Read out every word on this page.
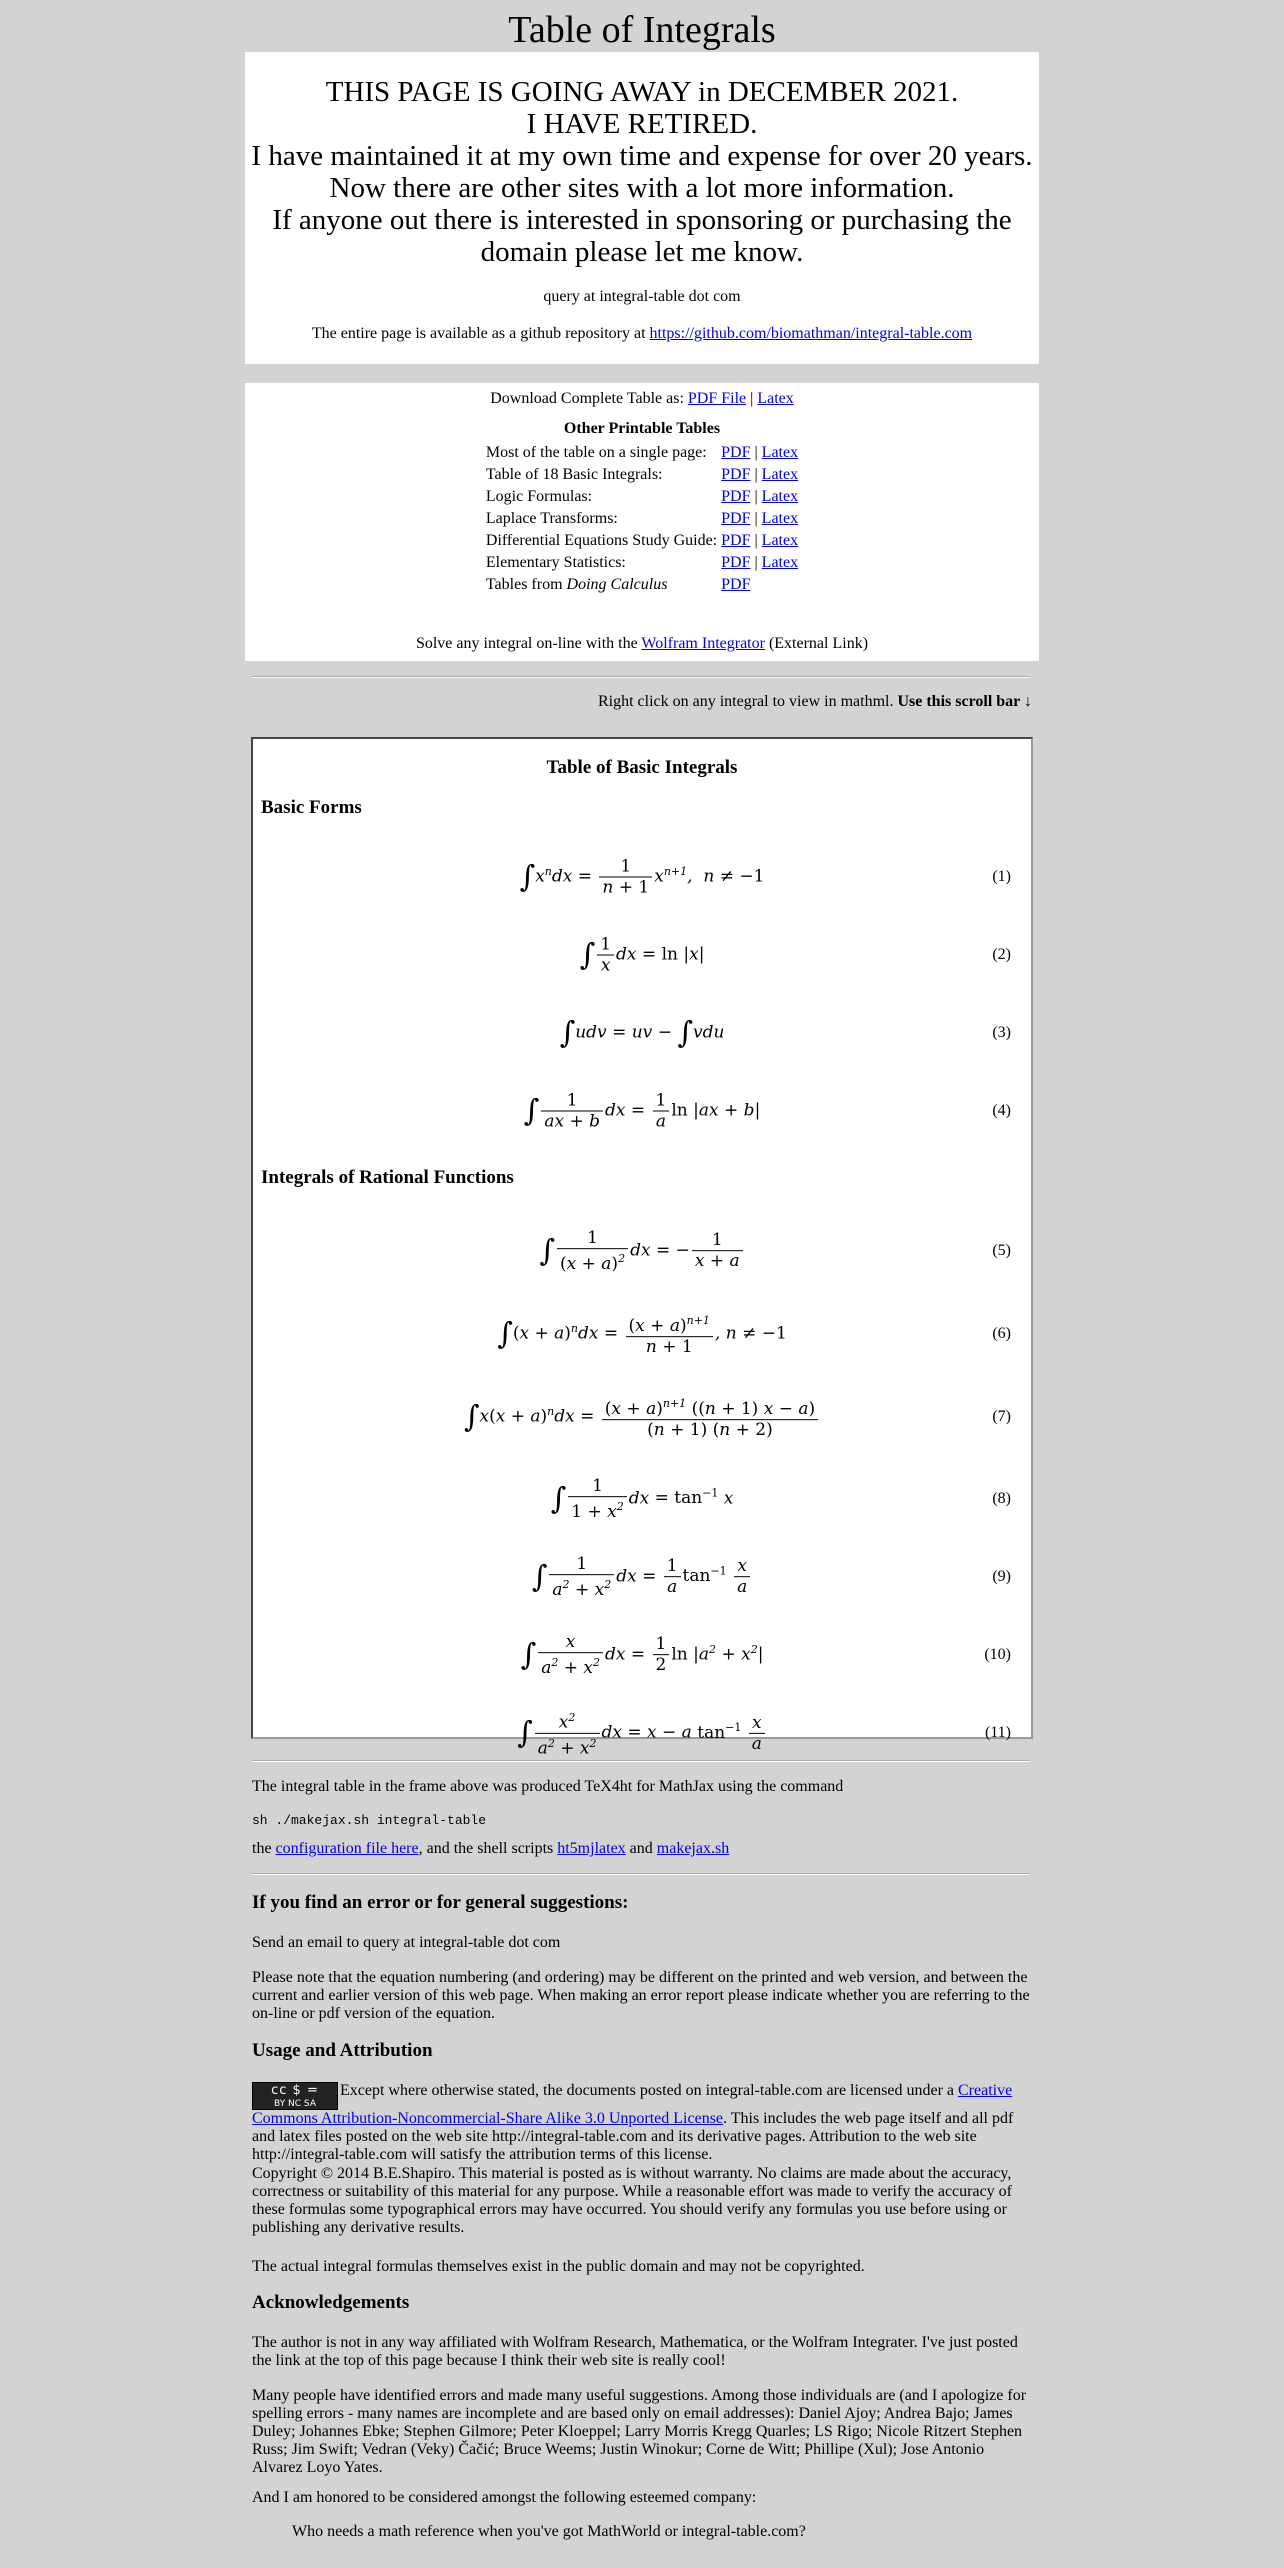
Table of Integrals
THIS PAGE IS GOING AWAY in DECEMBER 2021.
I HAVE RETIRED.
I have maintained it at my own time and expense for over 20 years.
Now there are other sites with a lot more information.
If anyone out there is interested in sponsoring or purchasing the
domain please let me know.
query at integral-table dot com
The entire page is available as a github repository at https://github.com/biomathman/integral-table.com
Download Complete Table as: PDF File | Latex
Other Printable Tables
Most of the table on a single page:	PDF | Latex
Table of 18 Basic Integrals:	PDF | Latex
Logic Formulas:	PDF | Latex
Laplace Transforms:	PDF | Latex
Differential Equations Study Guide:	PDF | Latex
Elementary Statistics:	PDF | Latex
Tables from Doing Calculus	PDF
Solve any integral on-line with the Wolfram Integrator (External Link)
Right click on any integral to view in mathml. Use this scroll bar ↓
Table of Basic Integrals
Basic Forms
$\int x^ndx = \frac{1}{n + 1} x^{n+1}$,  n ≠ −1	(1)
∫ $\frac{1}{x}$ dx = ln |x|	(2)
∫udv = uv − ∫vdu	(3)
∫ $\frac{1}{ax + b}$ dx = $\frac{1}{a}$ ln |ax + b|	(4)
Integrals of Rational Functions
∫ $\frac{1}{(x + a)^2}$ dx = − $\frac{1}{x + a}$	(5)
$\int(x + a)^ndx = \frac{(x + a)^{n+1}}{n + 1}$ , n ≠ −1	(6)
$\int x(x + a)^ndx = \frac{(x + a)^{n+1} ((n + 1) x - a)}{(n + 1) (n + 2)}$	(7)
∫ $\frac{1}{1 + x^2}$ dx = $\tan^{-1} x$	(8)
∫ $\frac{1}{a^2 + x^2}$ dx = $\frac{1}{a} \tan^{-1} \frac{x}{a}$	(9)
∫ $\frac{x}{a^2 + x^2}$ dx = $\frac{1}{2}$ $\ln |a^2 + x^2|$	(10)
∫ $\frac{x^2}{a^2 + x^2}$ dx = x − a $\tan^{-1} \frac{x}{a}$	(11)
The integral table in the frame above was produced TeX4ht for MathJax using the command
sh ./makejax.sh integral-table
the configuration file here, and the shell scripts ht5mjlatex and makejax.sh
If you find an error or for general suggestions:
Send an email to query at integral-table dot com
Please note that the equation numbering (and ordering) may be different on the printed and web version, and between the current and earlier version of this web page. When making an error report please indicate whether you are referring to the on-line or pdf version of the equation.
Usage and Attribution
cc $ =
BY NC SAExcept where otherwise stated, the documents posted on integral-table.com are licensed under a Creative Commons Attribution-Noncommercial-Share Alike 3.0 Unported License. This includes the web page itself and all pdf and latex files posted on the web site http://integral-table.com and its derivative pages. Attribution to the web site http://integral-table.com will satisfy the attribution terms of this license.
Copyright © 2014 B.E.Shapiro. This material is posted as is without warranty. No claims are made about the accuracy, correctness or suitability of this material for any purpose. While a reasonable effort was made to verify the accuracy of these formulas some typographical errors may have occurred. You should verify any formulas you use before using or publishing any derivative results.
The actual integral formulas themselves exist in the public domain and may not be copyrighted.
Acknowledgements
The author is not in any way affiliated with Wolfram Research, Mathematica, or the Wolfram Integrater. I've just posted the link at the top of this page because I think their web site is really cool!
Many people have identified errors and made many useful suggestions. Among those individuals are (and I apologize for spelling errors - many names are incomplete and are based only on email addresses): Daniel Ajoy; Andrea Bajo; James Duley; Johannes Ebke; Stephen Gilmore; Peter Kloeppel; Larry Morris Kregg Quarles; LS Rigo; Nicole Ritzert Stephen Russ; Jim Swift; Vedran (Veky) Čačić; Bruce Weems; Justin Winokur; Corne de Witt; Phillipe (Xul); Jose Antonio Alvarez Loyo Yates.
And I am honored to be considered amongst the following esteemed company:
Who needs a math reference when you've got MathWorld or integral-table.com?
